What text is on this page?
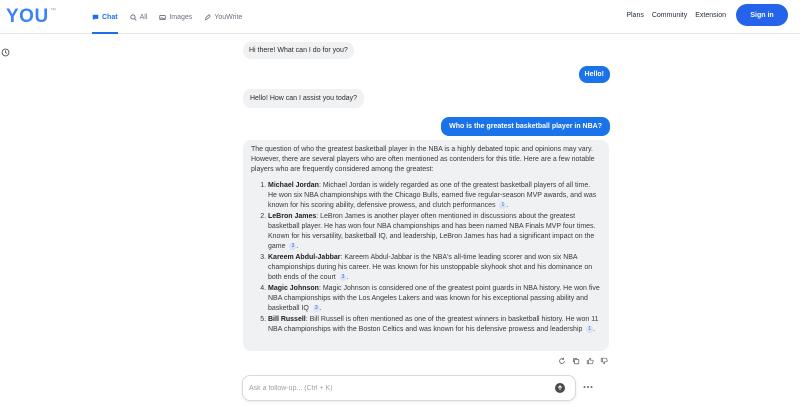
YOU ™
Chat	All	Images	YouWrite	Plans Community Extension	Sign in
Hi there! What can I do for you?
Hello!
Hello! How can I assist you today?
Who is the greatest basketball player in NBA?

The question of who the greatest basketball player in the NBA is a highly debated topic and opinions may vary. However, there are several players who are often mentioned as contenders for this title. Here are a few notable players who are frequently considered among the greatest:

1. Michael Jordan: Michael Jordan is widely regarded as one of the greatest basketball players of all time. He won six NBA championships with the Chicago Bulls, earned five regular-season MVP awards, and was known for his scoring ability, defensive prowess, and clutch performances 1 .
2. LeBron James: LeBron James is another player often mentioned in discussions about the greatest basketball player. He has won four NBA championships and has been named NBA Finals MVP four times. Known for his versatility, basketball IQ, and leadership, LeBron James has had a significant impact on the game 3 .
3. Kareem Abdul-Jabbar: Kareem Abdul-Jabbar is the NBA's all-time leading scorer and won six NBA championships during his career. He was known for his unstoppable skyhook shot and his dominance on both ends of the court 3 .
4. Magic Johnson: Magic Johnson is considered one of the greatest point guards in NBA history. He won five NBA championships with the Los Angeles Lakers and was known for his exceptional passing ability and basketball IQ 3 .
5. Bill Russell: Bill Russell is often mentioned as one of the greatest winners in basketball history. He won 11 NBA championships with the Boston Celtics and was known for his defensive prowess and leadership 1 .
Ask a follow-up... (Ctrl + K)
